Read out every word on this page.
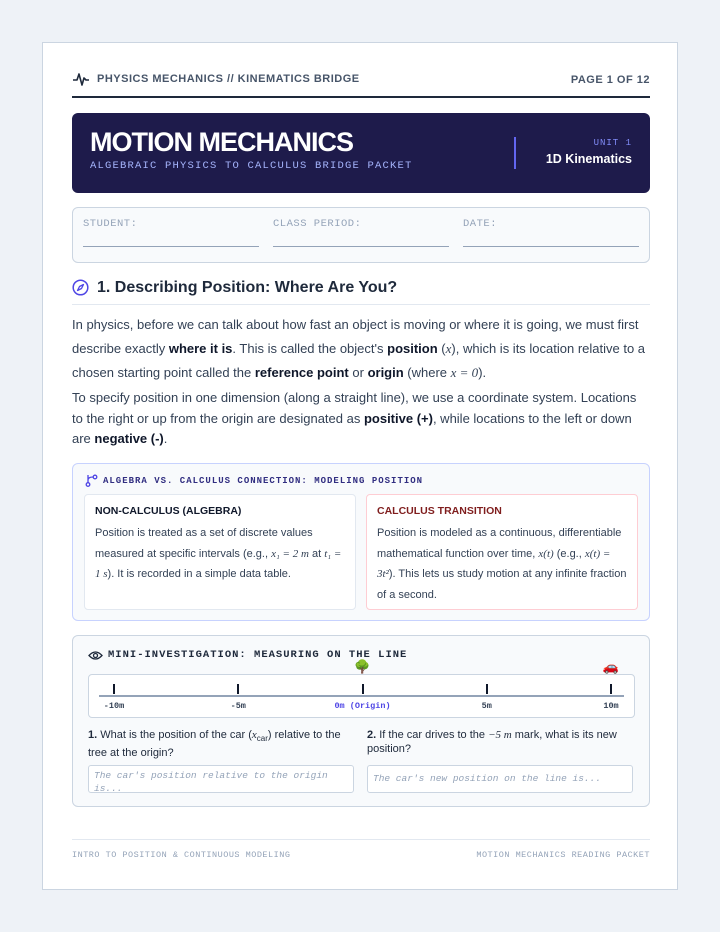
PHYSICS MECHANICS // KINEMATICS BRIDGE	PAGE 1 OF 12
MOTION MECHANICS
ALGEBRAIC PHYSICS TO CALCULUS BRIDGE PACKET
UNIT 1
1D Kinematics
STUDENT:	CLASS PERIOD:	DATE:
1. Describing Position: Where Are You?

In physics, before we can talk about how fast an object is moving or where it is going, we must first describe exactly where it is. This is called the object's position (x), which is its location relative to a chosen starting point called the reference point or origin (where x = 0).

To specify position in one dimension (along a straight line), we use a coordinate system. Locations to the right or up from the origin are designated as positive (+), while locations to the left or down are negative (-).

ALGEBRA VS. CALCULUS CONNECTION: MODELING POSITION
NON-CALCULUS (ALGEBRA)
Position is treated as a set of discrete values measured at specific intervals (e.g., x₁ = 2 m at t₁ = 1 s). It is recorded in a simple data table.
CALCULUS TRANSITION
Position is modeled as a continuous, differentiable mathematical function over time, x(t) (e.g., x(t) = 3t²). This lets us study motion at any infinite fraction of a second.
MINI-INVESTIGATION: MEASURING ON THE LINE
-10m	-5m	0m (Origin)	5m	10m
🌳	🚗
1. What is the position of the car $(x_{car})$ relative to the tree at the origin?
The car's position relative to the origin is...
2. If the car drives to the −5 m mark, what is its new position?
The car's new position on the line is...
INTRO TO POSITION & CONTINUOUS MODELING	MOTION MECHANICS READING PACKET
